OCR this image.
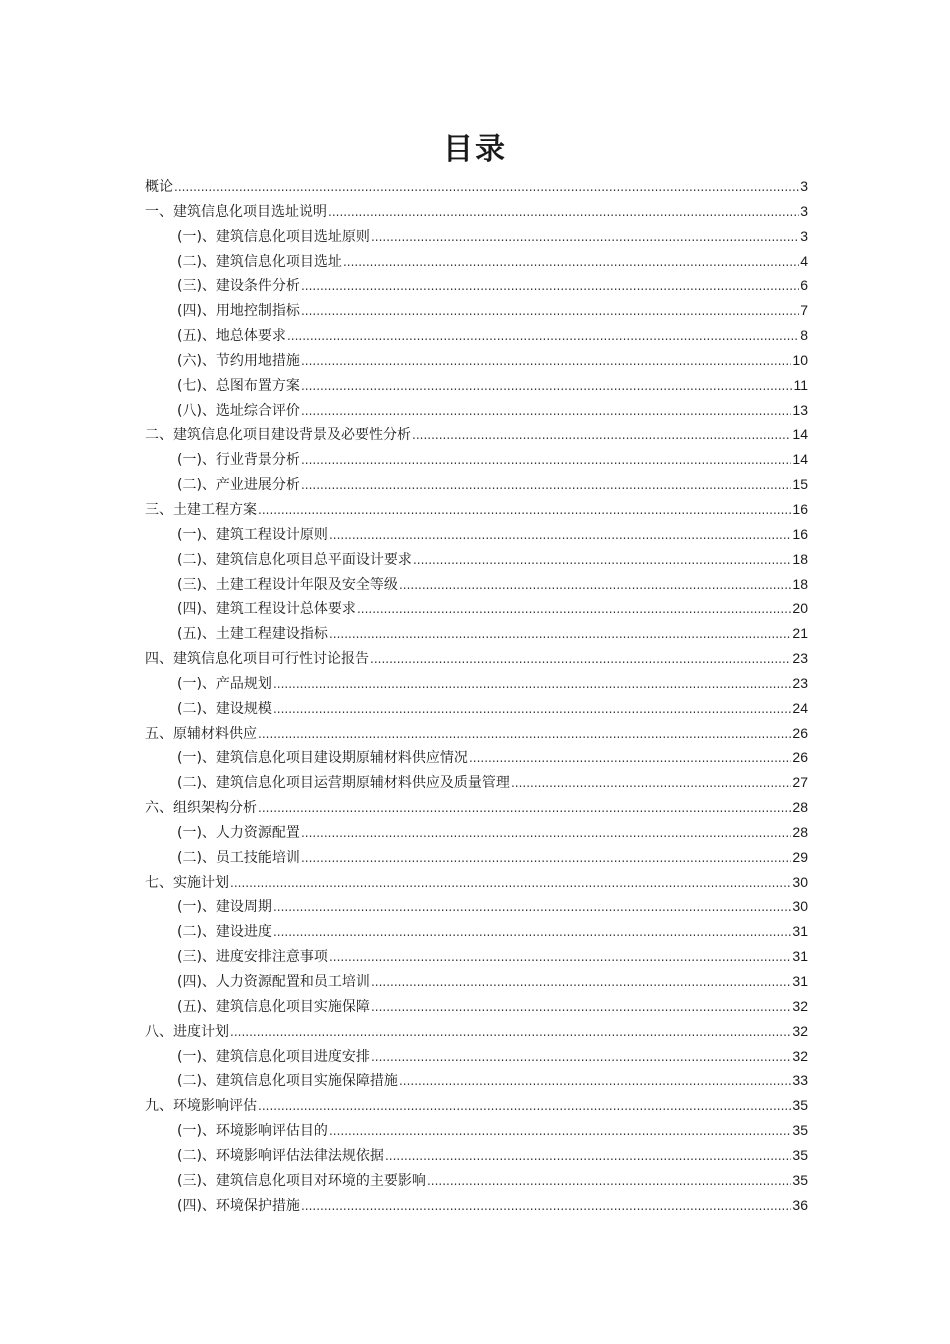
目录
概论 .....	3
一、建筑信息化项目选址说明 .....	3
(一)、建筑信息化项目选址原则 .....	3
(二)、建筑信息化项目选址 .....	4
(三)、建设条件分析 .....	6
(四)、用地控制指标 .....	7
(五)、地总体要求 .....	8
(六)、节约用地措施 .....	10
(七)、总图布置方案 .....	11
(八)、选址综合评价 .....	13
二、建筑信息化项目建设背景及必要性分析 .....	14
(一)、行业背景分析 .....	14
(二)、产业进展分析 .....	15
三、土建工程方案 .....	16
(一)、建筑工程设计原则 .....	16
(二)、建筑信息化项目总平面设计要求 .....	18
(三)、土建工程设计年限及安全等级 .....	18
(四)、建筑工程设计总体要求 .....	20
(五)、土建工程建设指标 .....	21
四、建筑信息化项目可行性讨论报告 .....	23
(一)、产品规划 .....	23
(二)、建设规模 .....	24
五、原辅材料供应 .....	26
(一)、建筑信息化项目建设期原辅材料供应情况 .....	26
(二)、建筑信息化项目运营期原辅材料供应及质量管理 .....	27
六、组织架构分析 .....	28
(一)、人力资源配置 .....	28
(二)、员工技能培训 .....	29
七、实施计划 .....	30
(一)、建设周期 .....	30
(二)、建设进度 .....	31
(三)、进度安排注意事项 .....	31
(四)、人力资源配置和员工培训 .....	31
(五)、建筑信息化项目实施保障 .....	32
八、进度计划 .....	32
(一)、建筑信息化项目进度安排 .....	32
(二)、建筑信息化项目实施保障措施 .....	33
九、环境影响评估 .....	35
(一)、环境影响评估目的 .....	35
(二)、环境影响评估法律法规依据 .....	35
(三)、建筑信息化项目对环境的主要影响 .....	35
(四)、环境保护措施 .....	36
